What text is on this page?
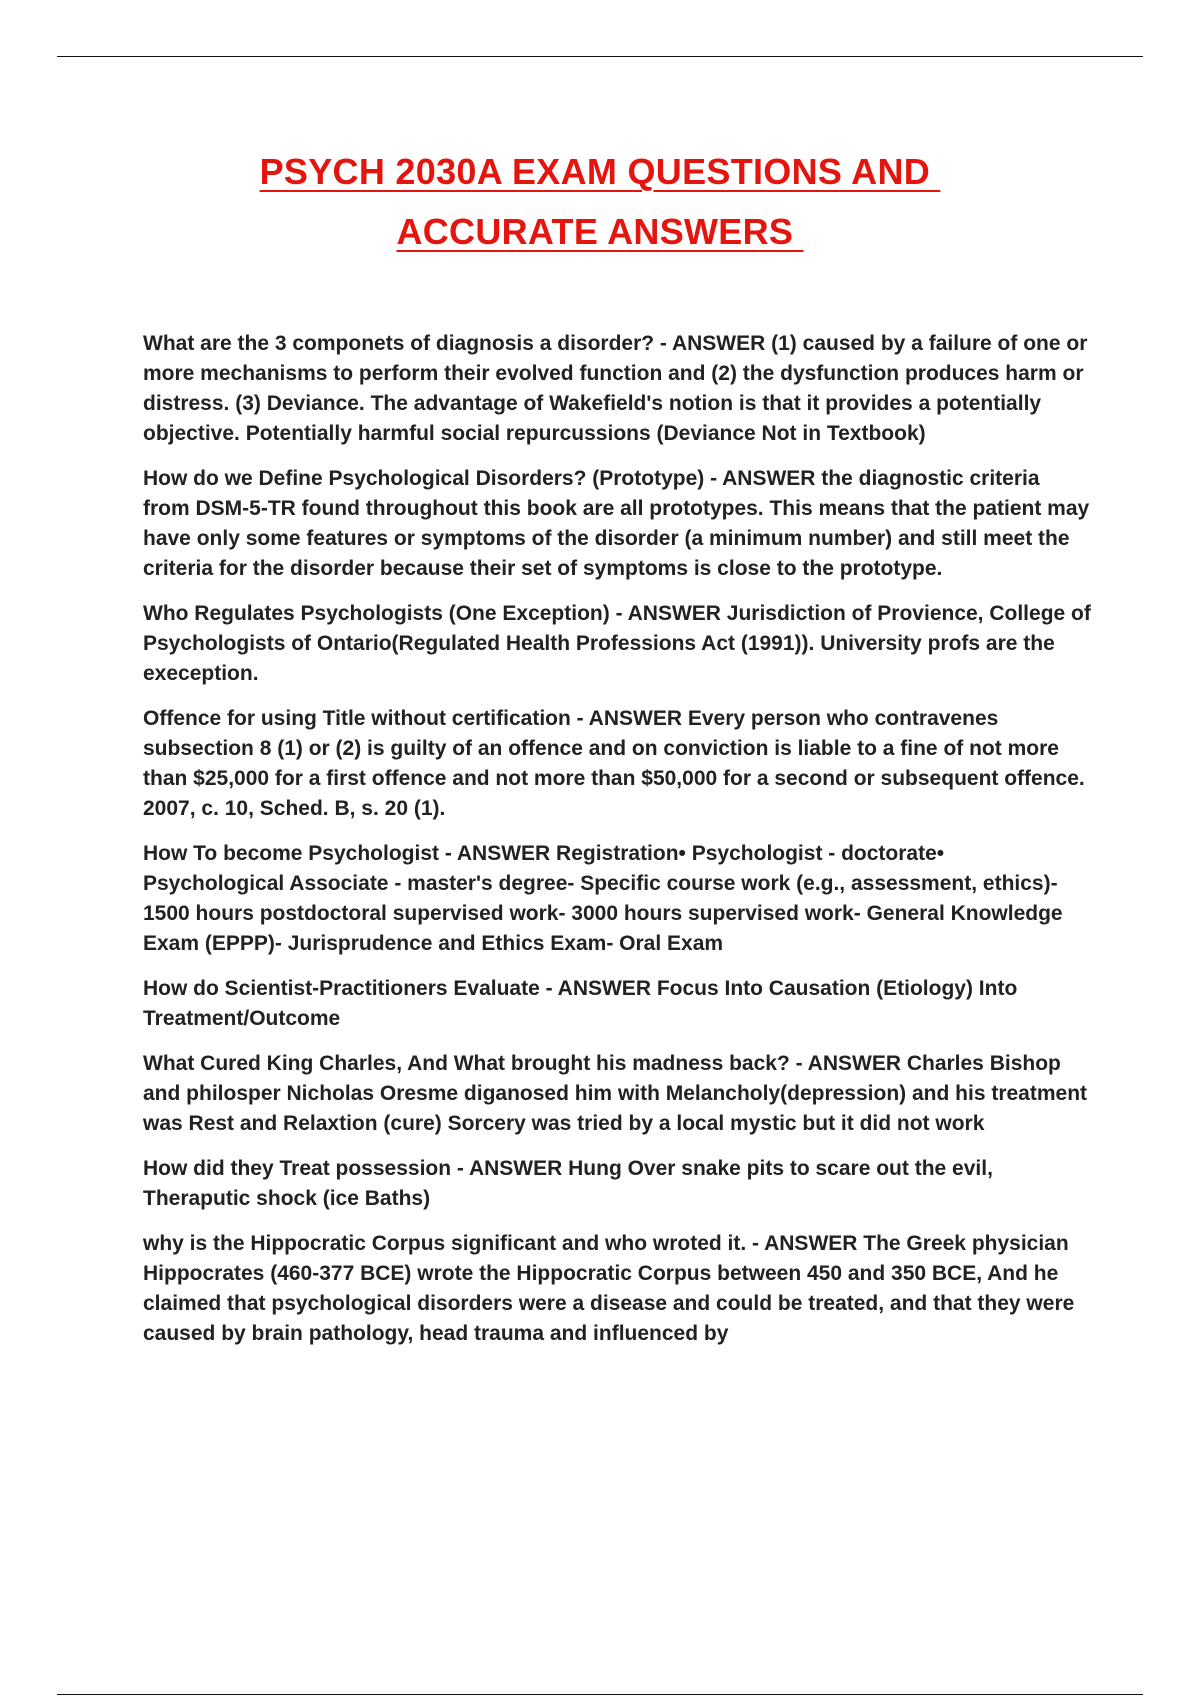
PSYCH 2030A EXAM QUESTIONS AND
ACCURATE ANSWERS

What are the 3 componets of diagnosis a disorder? - ANSWER (1) caused by a failure of one or more mechanisms to perform their evolved function and (2) the dysfunction produces harm or distress. (3) Deviance. The advantage of Wakefield's notion is that it provides a potentially objective. Potentially harmful social repurcussions (Deviance Not in Textbook)

How do we Define Psychological Disorders? (Prototype) - ANSWER the diagnostic criteria from DSM-5-TR found throughout this book are all prototypes. This means that the patient may have only some features or symptoms of the disorder (a minimum number) and still meet the criteria for the disorder because their set of symptoms is close to the prototype.

Who Regulates Psychologists (One Exception) - ANSWER Jurisdiction of Provience, College of Psychologists of Ontario(Regulated Health Professions Act (1991)). University profs are the exeception.

Offence for using Title without certification - ANSWER Every person who contravenes subsection 8 (1) or (2) is guilty of an offence and on conviction is liable to a fine of not more than $25,000 for a first offence and not more than $50,000 for a second or subsequent offence. 2007, c. 10, Sched. B, s. 20 (1).

How To become Psychologist - ANSWER Registration• Psychologist - doctorate• Psychological Associate - master's degree- Specific course work (e.g., assessment, ethics)- 1500 hours postdoctoral supervised work- 3000 hours supervised work- General Knowledge Exam (EPPP)- Jurisprudence and Ethics Exam- Oral Exam

How do Scientist-Practitioners Evaluate - ANSWER Focus Into Causation (Etiology) Into Treatment/Outcome

What Cured King Charles, And What brought his madness back? - ANSWER Charles Bishop and philosper Nicholas Oresme diganosed him with Melancholy(depression) and his treatment was Rest and Relaxtion (cure) Sorcery was tried by a local mystic but it did not work

How did they Treat possession - ANSWER Hung Over snake pits to scare out the evil, Theraputic shock (ice Baths)

why is the Hippocratic Corpus significant and who wroted it. - ANSWER The Greek physician Hippocrates (460-377 BCE) wrote the Hippocratic Corpus between 450 and 350 BCE, And he claimed that psychological disorders were a disease and could be treated, and that they were caused by brain pathology, head trauma and influenced by
